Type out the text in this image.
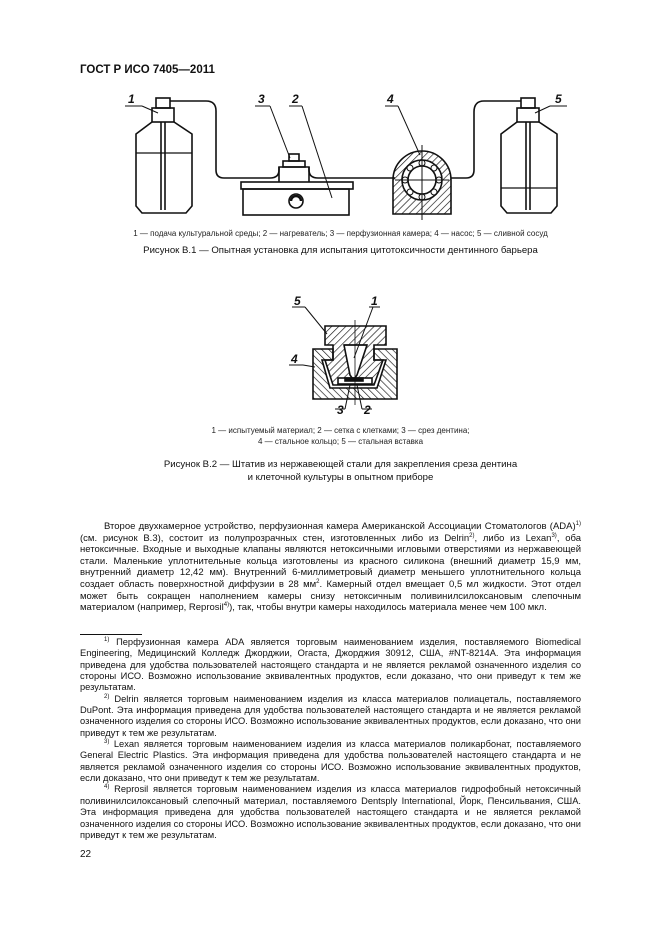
ГОСТ Р ИСО 7405—2011
1	3 2	4	5
1 — подача культуральной среды; 2 — нагреватель; 3 — перфузионная камера; 4 — насос; 5 — сливной сосуд
Рисунок В.1 — Опытная установка для испытания цитотоксичности дентинного барьера
5	1
4
3 2
1 — испытуемый материал; 2 — сетка с клетками; 3 — срез дентина;
4 — стальное кольцо; 5 — стальная вставка
Рисунок В.2 — Штатив из нержавеющей стали для закрепления среза дентина
и клеточной культуры в опытном приборе

Второе двухкамерное устройство, перфузионная камера Американской Ассоциации Стоматологов (ADA)$^{1)}$ (см. рисунок В.3), состоит из полупрозрачных стен, изготовленных либо из Delrin$^{2)}$, либо из Lexan$^{3)}$, оба нетоксичные. Входные и выходные клапаны являются нетоксичными игловыми отверстиями из нержавеющей стали. Маленькие уплотнительные кольца изготовлены из красного силикона (внешний диаметр 15,9 мм, внутренний диаметр 12,42 мм). Внутренний 6-миллиметровый диаметр меньшего уплотнительного кольца создает область поверхностной диффузии в 28 $мм^2$. Камерный отдел вмещает 0,5 мл жидкости. Этот отдел может быть сокращен наполнением камеры снизу нетоксичным поливинилсилоксановым слепочным материалом (например, Reprosil$^{4)}$), так, чтобы внутри камеры находилось материала менее чем 100 мкл.

$^{1)}$ Перфузионная камера ADA является торговым наименованием изделия, поставляемого Biomedical Engineering, Медицинский Колледж Джорджии, Огаста, Джорджия 30912, США, #NT-8214A. Эта информация приведена для удобства пользователей настоящего стандарта и не является рекламой означенного изделия со стороны ИСО. Возможно использование эквивалентных продуктов, если доказано, что они приведут к тем же результатам.

$^{2)}$ Delrin является торговым наименованием изделия из класса материалов полиацеталь, поставляемого DuPont. Эта информация приведена для удобства пользователей настоящего стандарта и не является рекламой означенного изделия со стороны ИСО. Возможно использование эквивалентных продуктов, если доказано, что они приведут к тем же результатам.

$^{3)}$ Lexan является торговым наименованием изделия из класса материалов поликарбонат, поставляемого General Electric Plastics. Эта информация приведена для удобства пользователей настоящего стандарта и не является рекламой означенного изделия со стороны ИСО. Возможно использование эквивалентных продуктов, если доказано, что они приведут к тем же результатам.

$^{4)}$ Reprosil является торговым наименованием изделия из класса материалов гидрофобный нетоксичный поливинилсилоксановый слепочный материал, поставляемого Dentsply International, Йорк, Пенсильвания, США. Эта информация приведена для удобства пользователей настоящего стандарта и не является рекламой означенного изделия со стороны ИСО. Возможно использование эквивалентных продуктов, если доказано, что они приведут к тем же результатам.

22
